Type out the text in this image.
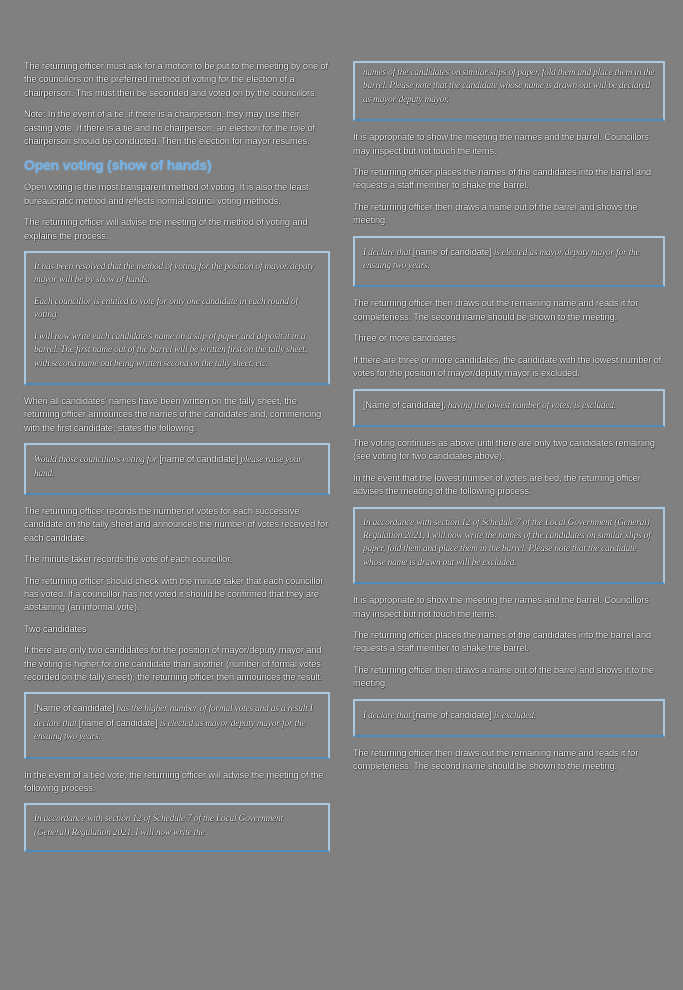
The returning officer must ask for a motion to be put to the meeting by one of the councillors on the preferred method of voting for the election of a chairperson. This must then be seconded and voted on by the councillors.

Note: In the event of a tie, if there is a chairperson, they may use their casting vote. If there is a tie and no chairperson, an election for the role of chairperson should be conducted. Then the election for mayor resumes.

Open voting (show of hands)

Open voting is the most transparent method of voting. It is also the least bureaucratic method and reflects normal council voting methods.

The returning officer will advise the meeting of the method of voting and explains the process.

It has been resolved that the method of voting for the position of mayor/deputy mayor will be by show of hands.

Each councillor is entitled to vote for only one candidate in each round of voting.

I will now write each candidate's name on a slip of paper and deposit it in a barrel. The first name out of the barrel will be written first on the tally sheet, with second name out being written second on the tally sheet, etc.

When all candidates' names have been written on the tally sheet, the returning officer announces the names of the candidates and, commencing with the first candidate, states the following:

Would those councillors voting for [name of candidate] please raise your hand.

The returning officer records the number of votes for each successive candidate on the tally sheet and announces the number of votes received for each candidate.

The minute taker records the vote of each councillor.

The returning officer should check with the minute taker that each councillor has voted. If a councillor has not voted it should be confirmed that they are abstaining (an informal vote).

Two candidates

If there are only two candidates for the position of mayor/deputy mayor and the voting is higher for one candidate than another (number of formal votes recorded on the tally sheet), the returning officer then announces the result.

[Name of candidate] has the higher number of formal votes and as a result I declare that [name of candidate] is elected as mayor/deputy mayor for the ensuing two years.

In the event of a tied vote, the returning officer will advise the meeting of the following process.

In accordance with section 12 of Schedule 7 of the Local Government (General) Regulation 2021, I will now write the

names of the candidates on similar slips of paper, fold them and place them in the barrel. Please note that the candidate whose name is drawn out will be declared as mayor/deputy mayor.

It is appropriate to show the meeting the names and the barrel. Councillors may inspect but not touch the items.

The returning officer places the names of the candidates into the barrel and requests a staff member to shake the barrel.

The returning officer then draws a name out of the barrel and shows the meeting.

I declare that [name of candidate] is elected as mayor/deputy mayor for the ensuing two years.

The returning officer then draws out the remaining name and reads it for completeness. The second name should be shown to the meeting.

Three or more candidates

If there are three or more candidates, the candidate with the lowest number of votes for the position of mayor/deputy mayor is excluded.

[Name of candidate], having the lowest number of votes, is excluded.

The voting continues as above until there are only two candidates remaining (see voting for two candidates above).

In the event that the lowest number of votes are tied, the returning officer advises the meeting of the following process.

In accordance with section 12 of Schedule 7 of the Local Government (General) Regulation 2021, I will now write the names of the candidates on similar slips of paper, fold them and place them in the barrel. Please note that the candidate whose name is drawn out will be excluded.

It is appropriate to show the meeting the names and the barrel. Councillors may inspect but not touch the items.

The returning officer places the names of the candidates into the barrel and requests a staff member to shake the barrel.

The returning officer then draws a name out of the barrel and shows it to the meeting.

I declare that [name of candidate] is excluded.

The returning officer then draws out the remaining name and reads it for completeness. The second name should be shown to the meeting.
